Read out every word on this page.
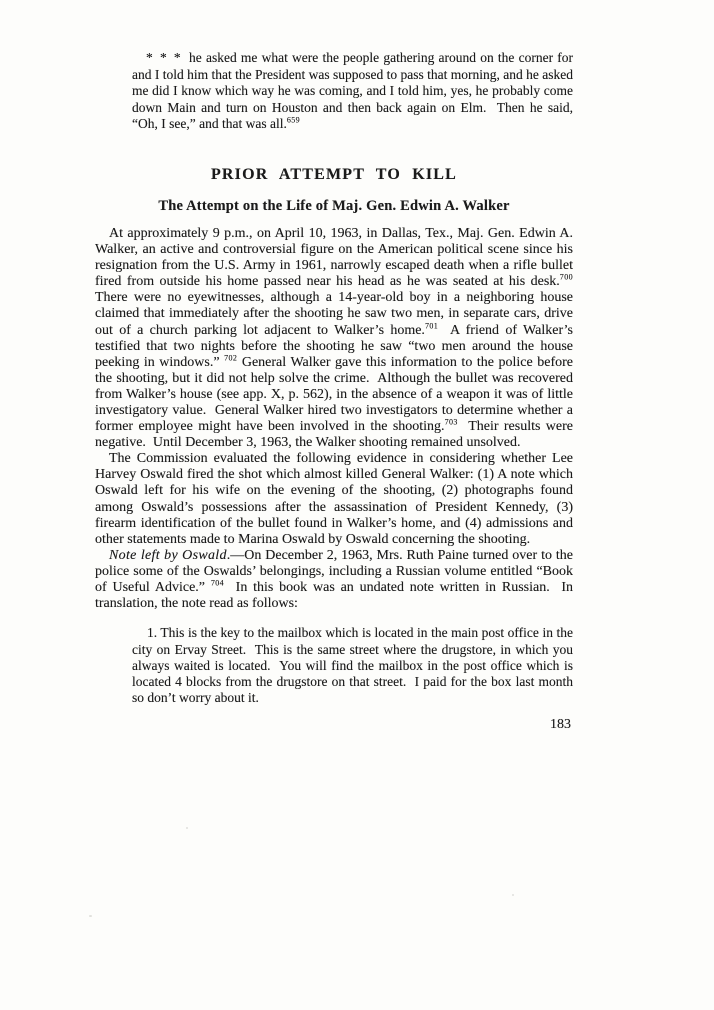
* * *  he asked me what were the people gathering around on the corner for and I told him that the President was supposed to pass that morning, and he asked me did I know which way he was coming, and I told him, yes, he probably come down Main and turn on Houston and then back again on Elm.  Then he said, “Oh, I see,” and that was all.$^{659}$
PRIOR ATTEMPT TO KILL
The Attempt on the Life of Maj. Gen. Edwin A. Walker

At approximately 9 p.m., on April 10, 1963, in Dallas, Tex., Maj. Gen. Edwin A. Walker, an active and controversial figure on the American political scene since his resignation from the U.S. Army in 1961, narrowly escaped death when a rifle bullet fired from outside his home passed near his head as he was seated at his desk.$^{700}$  There were no eyewitnesses, although a 14-year-old boy in a neighboring house claimed that immediately after the shooting he saw two men, in separate cars, drive out of a church parking lot adjacent to Walker’s home.$^{701}$  A friend of Walker’s testified that two nights before the shooting he saw “two men around the house peeking in windows.” $^{702}$ General Walker gave this information to the police before the shooting, but it did not help solve the crime.  Although the bullet was recovered from Walker’s house (see app. X, p. 562), in the absence of a weapon it was of little investigatory value.  General Walker hired two investigators to determine whether a former employee might have been involved in the shooting.$^{703}$  Their results were negative.  Until December 3, 1963, the Walker shooting remained unsolved.

The Commission evaluated the following evidence in considering whether Lee Harvey Oswald fired the shot which almost killed General Walker: (1) A note which Oswald left for his wife on the evening of the shooting, (2) photographs found among Oswald’s possessions after the assassination of President Kennedy, (3) firearm identification of the bullet found in Walker’s home, and (4) admissions and other statements made to Marina Oswald by Oswald concerning the shooting.

Note left by Oswald.—On December 2, 1963, Mrs. Ruth Paine turned over to the police some of the Oswalds’ belongings, including a Russian volume entitled “Book of Useful Advice.” $^{704}$  In this book was an undated note written in Russian.  In translation, the note read as follows:

1. This is the key to the mailbox which is located in the main post office in the city on Ervay Street.  This is the same street where the drugstore, in which you always waited is located.  You will find the mailbox in the post office which is located 4 blocks from the drugstore on that street.  I paid for the box last month so don’t worry about it.
183
